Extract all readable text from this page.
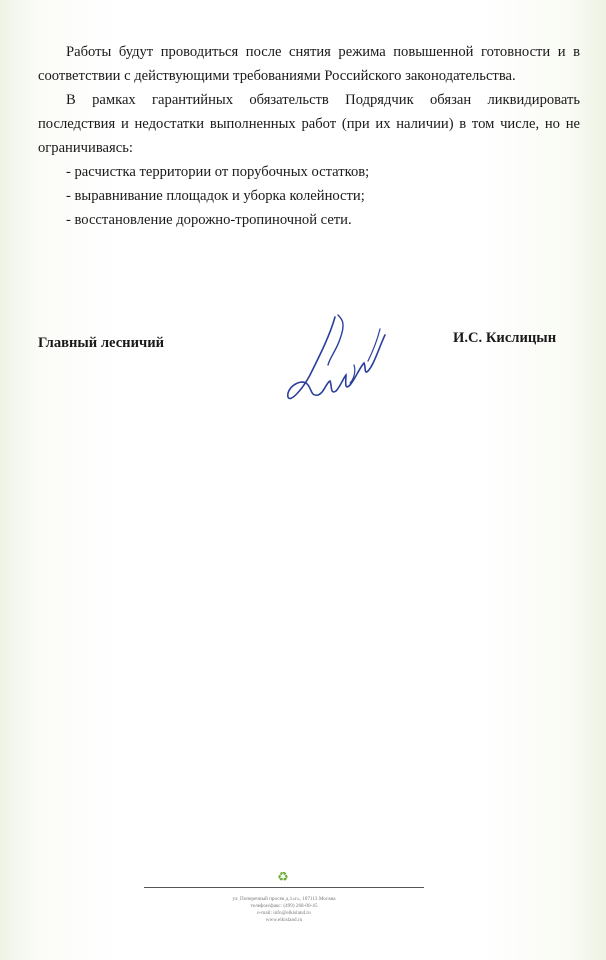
Работы будут проводиться после снятия режима повышенной готовности и в соответствии с действующими требованиями Российского законодательства.

В рамках гарантийных обязательств Подрядчик обязан ликвидировать последствия и недостатки выполненных работ (при их наличии) в том числе, но не ограничиваясь:

- расчистка территории от порубочных остатков;
- выравнивание площадок и уборка колейности;
- восстановление дорожно-тропиночной сети.
Главный лесничий	И.С. Кислицын
♻
ул. Поперечный просек д.1«г», 107113 Москва
телефон/факс: (499) 268-00-45
e-mail: info@elkisland.ru
www.elkisland.ru
